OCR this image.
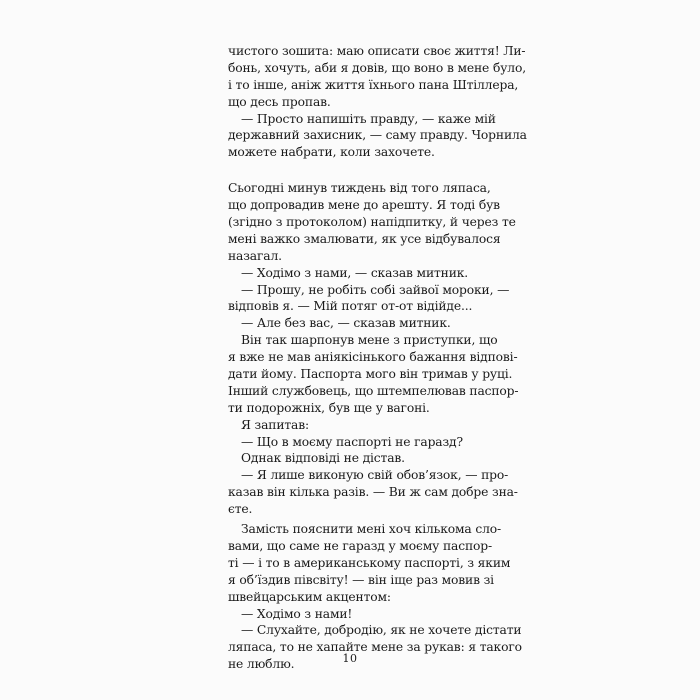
чистого зошита: маю описати своє життя! Ли-
бонь, хочуть, аби я довів, що воно в мене було,
і то інше, аніж життя їхнього пана Штіллера,
що десь пропав.
— Просто напишіть правду, — каже мій
державний захисник, — саму правду. Чорнила
можете набрати, коли захочете.
Сьогодні минув тиждень від того ляпаса,
що допровадив мене до арешту. Я тоді був
(згідно з протоколом) напідпитку, й через те
мені важко змалювати, як усе відбувалося
назагал.
— Ходімо з нами, — сказав митник.
— Прошу, не робіть собі зайвої мороки, —
відповів я. — Мій потяг от-от відійде...
— Але без вас, — сказав митник.
Він так шарпонув мене з приступки, що
я вже не мав аніякісінького бажання відпові-
дати йому. Паспорта мого він тримав у руці.
Інший службовець, що штемпелював паспор-
ти подорожніх, був ще у вагоні.
Я запитав:
— Що в моєму паспорті не гаразд?
Однак відповіді не дістав.
— Я лише виконую свій обов’язок, — про-
казав він кілька разів. — Ви ж сам добре зна-
єте.
Замість пояснити мені хоч кількома сло-
вами, що саме не гаразд у моєму паспор-
ті — і то в американському паспорті, з яким
я об’їздив півсвіту! — він іще раз мовив зі
швейцарським акцентом:
— Ходімо з нами!
— Слухайте, добродію, як не хочете дістати
ляпаса, то не хапайте мене за рукав: я такого
не люблю.	10
